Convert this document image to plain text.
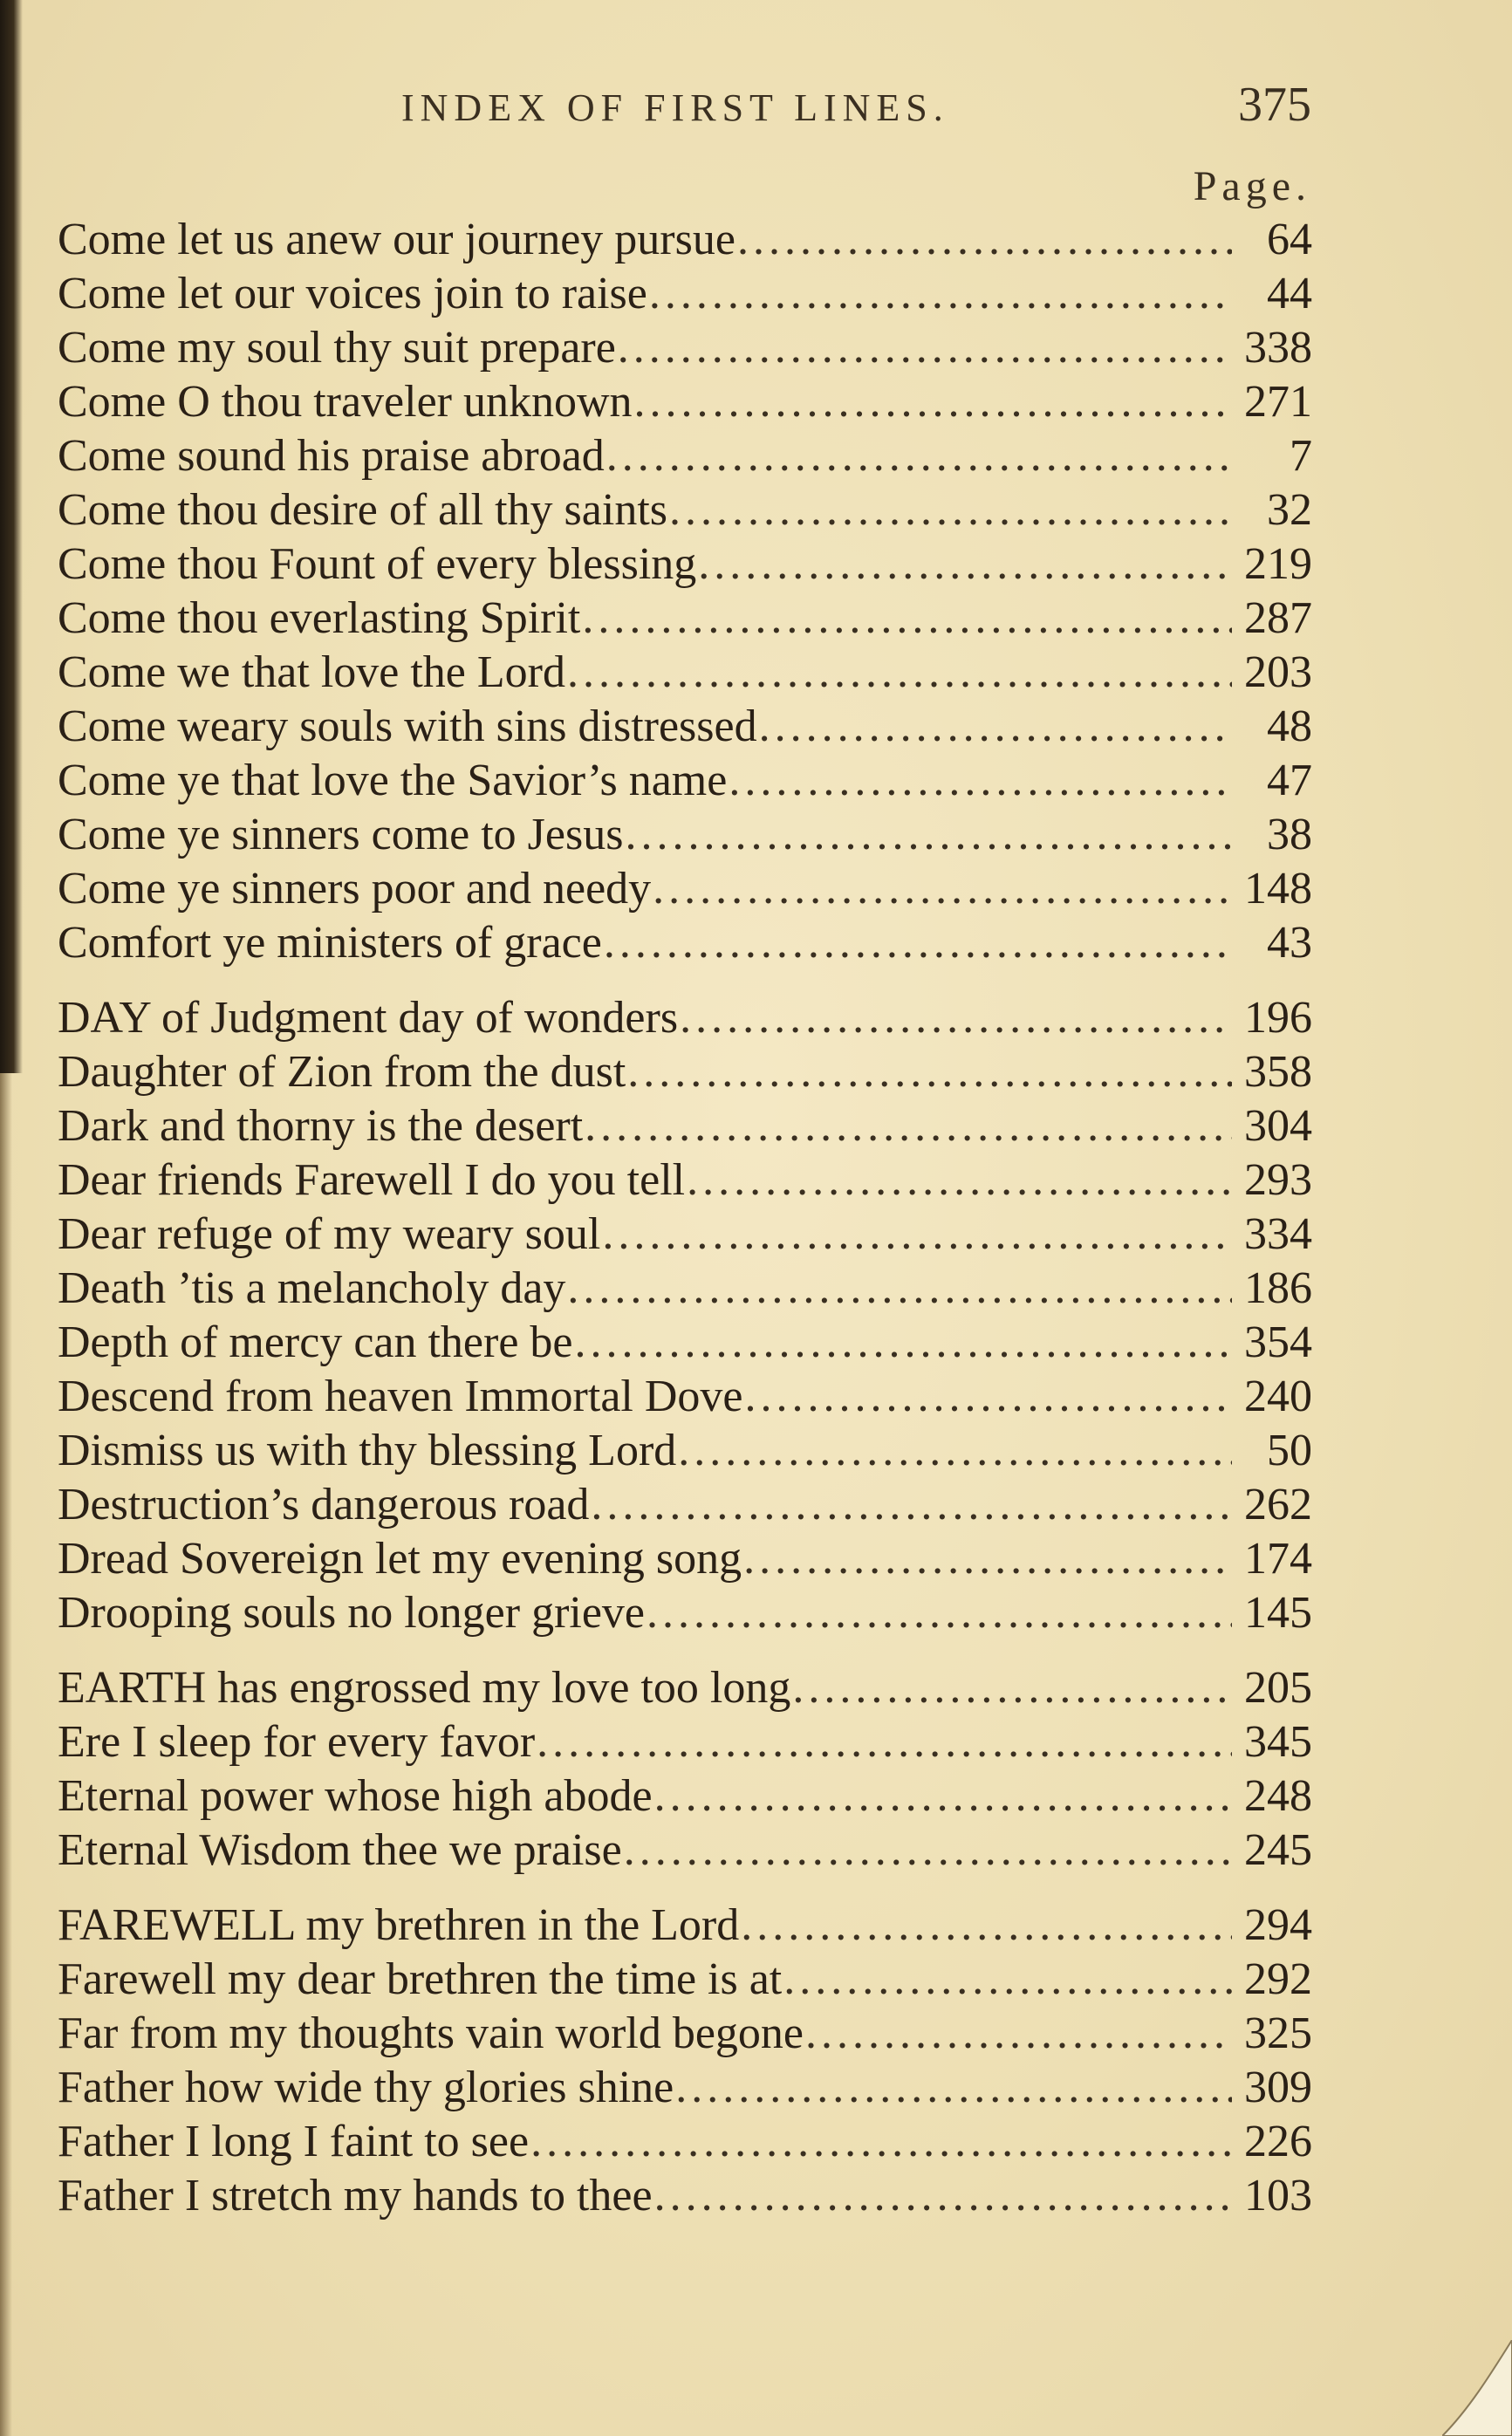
INDEX OF FIRST LINES.	375
Page.
Come let us anew our journey pursue .....	64
Come let our voices join to raise .....	44
Come my soul thy suit prepare .....	338
Come O thou traveler unknown .....	271
Come sound his praise abroad .....	7
Come thou desire of all thy saints .....	32
Come thou Fount of every blessing .....	219
Come thou everlasting Spirit .....	287
Come we that love the Lord .....	203
Come weary souls with sins distressed .....	48
Come ye that love the Savior’s name .....	47
Come ye sinners come to Jesus .....	38
Come ye sinners poor and needy .....	148
Comfort ye ministers of grace .....	43
DAY of Judgment day of wonders .....	196
Daughter of Zion from the dust .....	358
Dark and thorny is the desert .....	304
Dear friends Farewell I do you tell .....	293
Dear refuge of my weary soul .....	334
Death ’tis a melancholy day .....	186
Depth of mercy can there be .....	354
Descend from heaven Immortal Dove .....	240
Dismiss us with thy blessing Lord .....	50
Destruction’s dangerous road .....	262
Dread Sovereign let my evening song .....	174
Drooping souls no longer grieve .....	145
EARTH has engrossed my love too long .....	205
Ere I sleep for every favor .....	345
Eternal power whose high abode .....	248
Eternal Wisdom thee we praise .....	245
FAREWELL my brethren in the Lord .....	294
Farewell my dear brethren the time is at .....	292
Far from my thoughts vain world begone .....	325
Father how wide thy glories shine .....	309
Father I long I faint to see .....	226
Father I stretch my hands to thee .....	103
